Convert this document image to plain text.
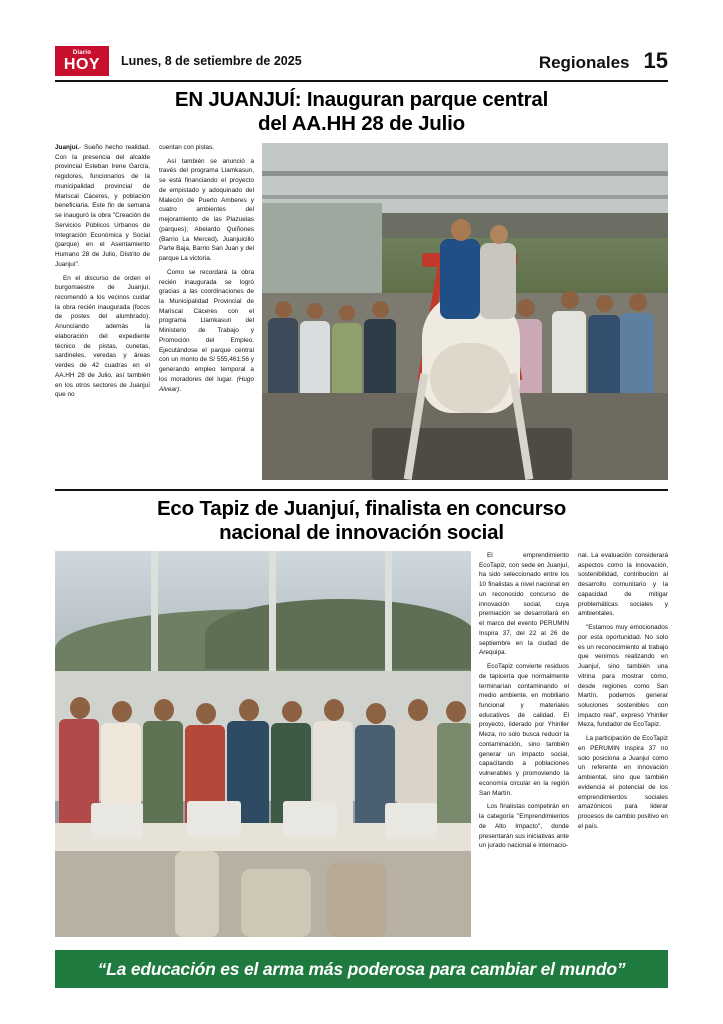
Diario
HOY Lunes, 8 de setiembre de 2025	Regionales 15
EN JUANJUÍ: Inauguran parque central
del AA.HH 28 de Julio

Juanjuí.- Sueño hecho realidad. Con la presencia del alcalde provincial Esteban Irene García, regidores, funcionarios de la municipalidad provincial de Mariscal Cáceres, y población beneficiaria. Este fin de semana se inauguró la obra "Creación de Servicios Públicos Urbanos de Integración Económica y Social (parque) en el Asentamiento Humano 28 de Julio, Distrito de Juanjuí".

En el discurso de orden el burgomaestre de Juanjuí, recomendó a los vecinos cuidar la obra recién inaugurada (focos de postes del alumbrado). Anunciando además la elaboración del expediente técnico de pistas, cunetas, sardineles, veredas y áreas verdes de 42 cuadras en el AA.HH 28 de Julio, así también en los otros sectores de Juanjuí que no

cuentan con pistas.

Así también se anunció a través del programa Llamkasun, se está financiando el proyecto de empistado y adoquinado del Malecón de Puerto Amberes y cuatro ambientes del mejoramiento de las Plazuelas (parques); Abelardo Quiñones (Barrio La Merced), Juanjuicillo Parte Baja, Barrio San Juan y del parque La victoria.

Como se recordará la obra recién inaugurada se logró gracias a las coordinaciones de la Municipalidad Provincial de Mariscal Cáceres con el programa Llamkasun del Ministerio de Trabajo y Promoción del Empleo. Ejecutándose el parque central con un monto de S/ 555,461.56 y generando empleo temporal a los moradores del lugar. (Hugo Alvear).

Eco Tapiz de Juanjuí, finalista en concurso
nacional de innovación social

El emprendimiento EcoTapiz, con sede en Juanjuí, ha sido seleccionado entre los 10 finalistas a nivel nacional en un reconocido concurso de innovación social, cuya premiación se desarrollará en el marco del evento PERUMIN Inspira 37, del 22 al 26 de septiembre en la ciudad de Arequipa.

EcoTapiz convierte residuos de tapicería que normalmente terminarían contaminando el medio ambiente, en mobiliario funcional y materiales educativos de calidad. El proyecto, liderado por Yhinller Meza, no solo busca reducir la contaminación, sino también generar un impacto social, capacitando a poblaciones vulnerables y promoviendo la economía circular en la región San Martín.

Los finalistas competirán en la categoría "Emprendimientos de Alto Impacto", donde presentarán sus iniciativas ante un jurado nacional e internacio-

nal. La evaluación considerará aspectos como la innovación, sostenibilidad, contribución al desarrollo comunitario y la capacidad de mitigar problemáticas sociales y ambientales.

"Estamos muy emocionados por esta oportunidad. No solo es un reconocimiento al trabajo que venimos realizando en Juanjuí, sino también una vitrina para mostrar cómo, desde regiones como San Martín, podemos generar soluciones sostenibles con impacto real", expresó Yhinller Meza, fundador de EcoTapiz.

La participación de EcoTapiz en PERUMIN Inspira 37 no solo posiciona a Juanjuí como un referente en innovación ambiental, sino que también evidencia el potencial de los emprendimientos sociales amazónicos para liderar procesos de cambio positivo en el país.

“La educación es el arma más poderosa para cambiar el mundo”
